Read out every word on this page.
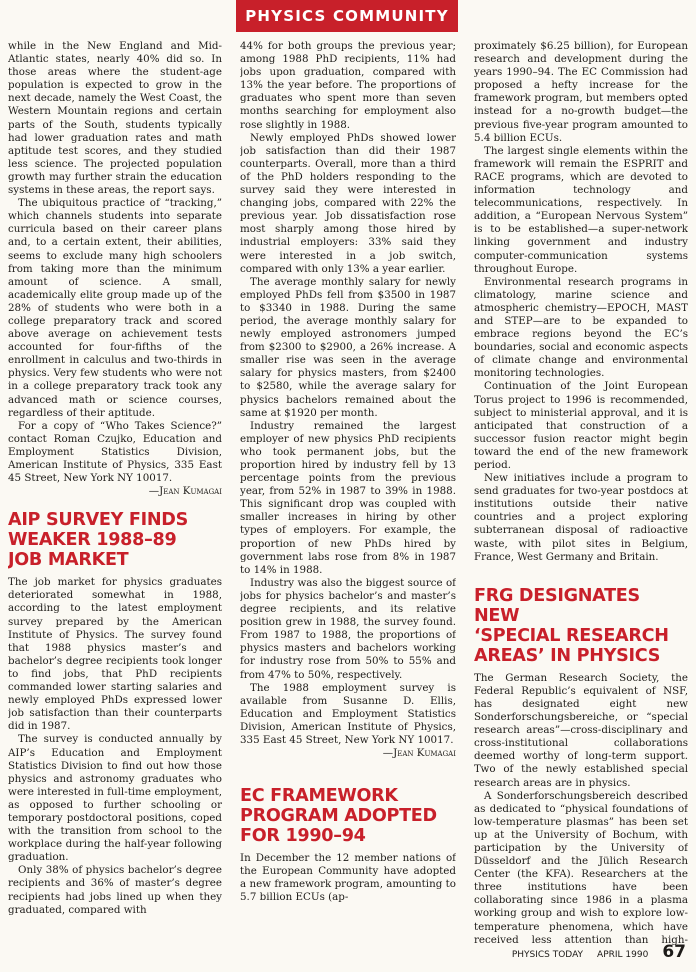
PHYSICS COMMUNITY

while in the New England and Mid-Atlantic states, nearly 40% did so. In those areas where the student-age population is expected to grow in the next decade, namely the West Coast, the Western Mountain regions and certain parts of the South, students typically had lower graduation rates and math aptitude test scores, and they studied less science. The projected population growth may further strain the education systems in these areas, the report says.

The ubiquitous practice of “tracking,” which channels students into separate curricula based on their career plans and, to a certain extent, their abilities, seems to exclude many high schoolers from taking more than the minimum amount of science. A small, academically elite group made up of the 28% of students who were both in a college preparatory track and scored above average on achievement tests accounted for four-fifths of the enrollment in calculus and two-thirds in physics. Very few students who were not in a college preparatory track took any advanced math or science courses, regardless of their aptitude.

For a copy of “Who Takes Science?” contact Roman Czujko, Education and Employment Statistics Division, American Institute of Physics, 335 East 45 Street, New York NY 10017.

—Jean Kumagai
AIP SURVEY FINDS
WEAKER 1988–89
JOB MARKET

The job market for physics graduates deteriorated somewhat in 1988, according to the latest employment survey prepared by the American Institute of Physics. The survey found that 1988 physics master’s and bachelor’s degree recipients took longer to find jobs, that PhD recipients commanded lower starting salaries and newly employed PhDs expressed lower job satisfaction than their counterparts did in 1987.

The survey is conducted annually by AIP’s Education and Employment Statistics Division to find out how those physics and astronomy graduates who were interested in full-time employment, as opposed to further schooling or temporary postdoctoral positions, coped with the transition from school to the workplace during the half-year following graduation.

Only 38% of physics bachelor’s degree recipients and 36% of master’s degree recipients had jobs lined up when they graduated, compared with

44% for both groups the previous year; among 1988 PhD recipients, 11% had jobs upon graduation, compared with 13% the year before. The proportions of graduates who spent more than seven months searching for employment also rose slightly in 1988.

Newly employed PhDs showed lower job satisfaction than did their 1987 counterparts. Overall, more than a third of the PhD holders responding to the survey said they were interested in changing jobs, compared with 22% the previous year. Job dissatisfaction rose most sharply among those hired by industrial employers: 33% said they were interested in a job switch, compared with only 13% a year earlier.

The average monthly salary for newly employed PhDs fell from $3500 in 1987 to $3340 in 1988. During the same period, the average monthly salary for newly employed astronomers jumped from $2300 to $2900, a 26% increase. A smaller rise was seen in the average salary for physics masters, from $2400 to $2580, while the average salary for physics bachelors remained about the same at $1920 per month.

Industry remained the largest employer of new physics PhD recipients who took permanent jobs, but the proportion hired by industry fell by 13 percentage points from the previous year, from 52% in 1987 to 39% in 1988. This significant drop was coupled with smaller increases in hiring by other types of employers. For example, the proportion of new PhDs hired by government labs rose from 8% in 1987 to 14% in 1988.

Industry was also the biggest source of jobs for physics bachelor’s and master’s degree recipients, and its relative position grew in 1988, the survey found. From 1987 to 1988, the proportions of physics masters and bachelors working for industry rose from 50% to 55% and from 47% to 50%, respectively.

The 1988 employment survey is available from Susanne D. Ellis, Education and Employment Statistics Division, American Institute of Physics, 335 East 45 Street, New York NY 10017.

—Jean Kumagai
EC FRAMEWORK
PROGRAM ADOPTED
FOR 1990–94

In December the 12 member nations of the European Community have adopted a new framework program, amounting to 5.7 billion ECUs (ap-

proximately $6.25 billion), for European research and development during the years 1990–94. The EC Commission had proposed a hefty increase for the framework program, but members opted instead for a no-growth budget—the previous five-year program amounted to 5.4 billion ECUs.

The largest single elements within the framework will remain the ESPRIT and RACE programs, which are devoted to information technology and telecommunications, respectively. In addition, a “European Nervous System” is to be established—a super-network linking government and industry computer-communication systems throughout Europe.

Environmental research programs in climatology, marine science and atmospheric chemistry—EPOCH, MAST and STEP—are to be expanded to embrace regions beyond the EC’s boundaries, social and economic aspects of climate change and environmental monitoring technologies.

Continuation of the Joint European Torus project to 1996 is recommended, subject to ministerial approval, and it is anticipated that construction of a successor fusion reactor might begin toward the end of the new framework period.

New initiatives include a program to send graduates for two-year postdocs at institutions outside their native countries and a project exploring subterranean disposal of radioactive waste, with pilot sites in Belgium, France, West Germany and Britain.

FRG DESIGNATES NEW
‘SPECIAL RESEARCH
AREAS’ IN PHYSICS

The German Research Society, the Federal Republic’s equivalent of NSF, has designated eight new Sonderforschungsbereiche, or “special research areas”—cross-disciplinary and cross-institutional collaborations deemed worthy of long-term support. Two of the newly established special research areas are in physics.

A Sonderforschungsbereich described as dedicated to “physical foundations of low-temperature plasmas” has been set up at the University of Bochum, with participation by the University of Düsseldorf and the Jülich Research Center (the KFA). Researchers at the three institutions have been collaborating since 1986 in a plasma working group and wish to explore low-temperature phenomena, which have received less attention than high-

PHYSICS TODAY APRIL 1990 67
